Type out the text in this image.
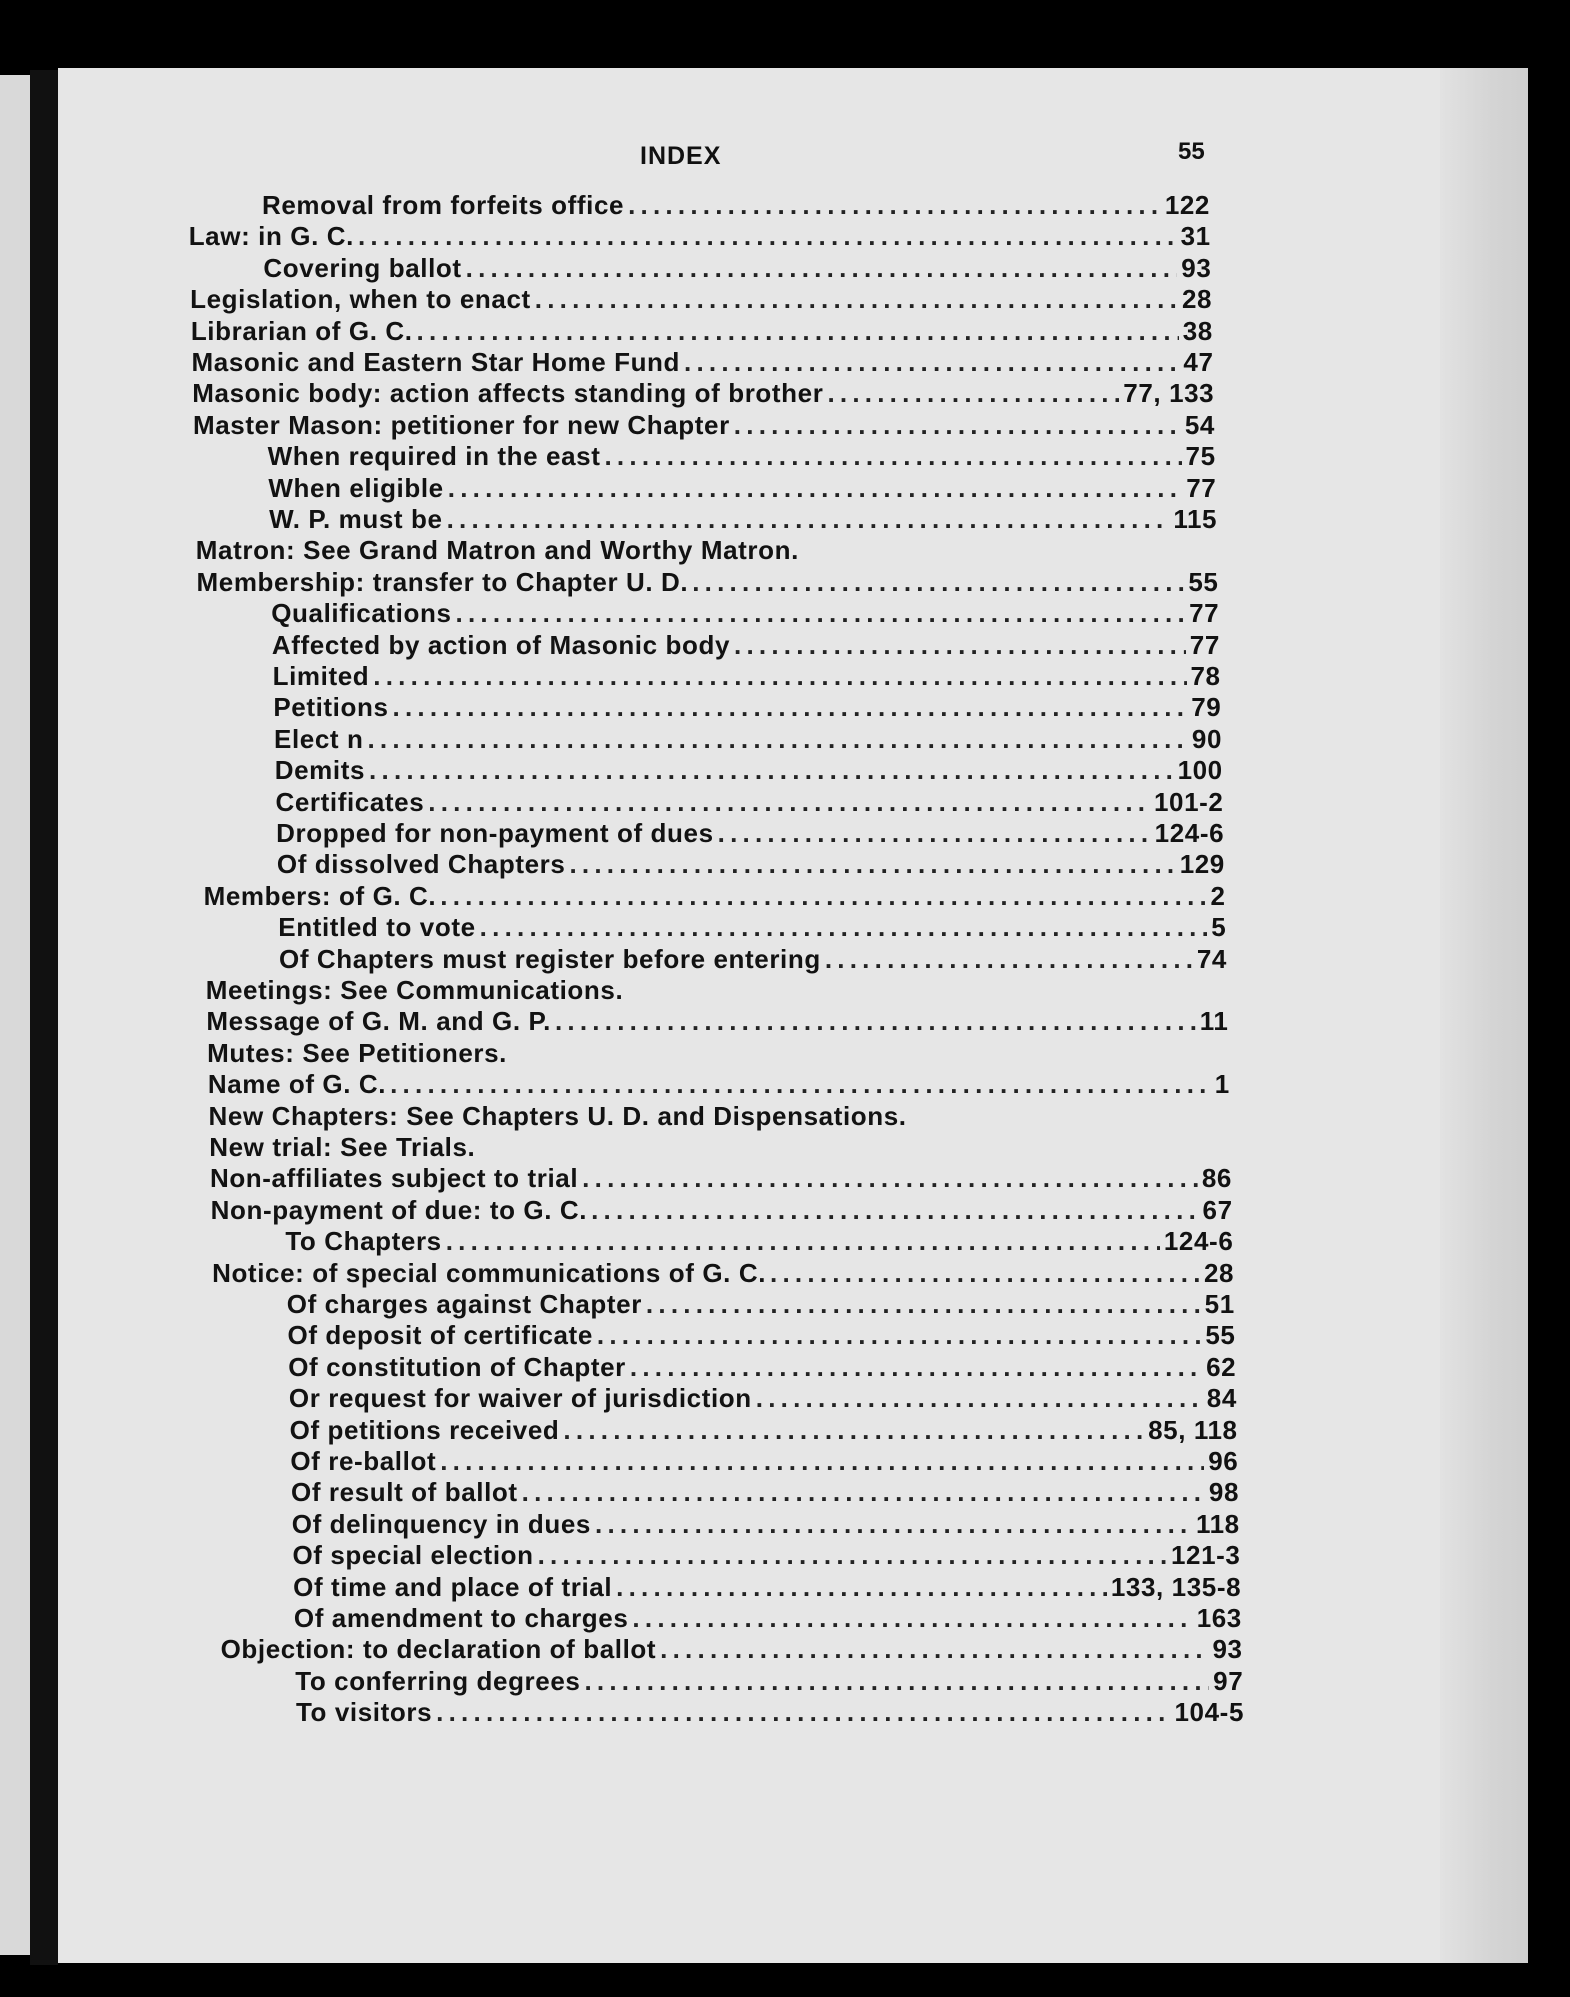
INDEX	55
Removal from forfeits office . . .	122
Law: in G. C. . . .	31
Covering ballot . . .	93
Legislation, when to enact . . .	28
Librarian of G. C. . . .	38
Masonic and Eastern Star Home Fund . . .	47
Masonic body: action affects standing of brother . . .	77, 133
Master Mason: petitioner for new Chapter . . .	54
When required in the east . . .	75
When eligible . . .	77
W. P. must be . . .	115
Matron: See Grand Matron and Worthy Matron.
Membership: transfer to Chapter U. D. . . .	55
Qualifications . . .	77
Affected by action of Masonic body . . .	77
Limited . . .	78
Petitions . . .	79
Elect n . . .	90
Demits . . .	100
Certificates . . .	101-2
Dropped for non-payment of dues . . .	124-6
Of dissolved Chapters . . .	129
Members: of G. C. . . .	2
Entitled to vote . . .	5
Of Chapters must register before entering . . .	74
Meetings: See Communications.
Message of G. M. and G. P. . . .	11
Mutes: See Petitioners.
Name of G. C. . . .	1
New Chapters: See Chapters U. D. and Dispensations.
New trial: See Trials.
Non-affiliates subject to trial . . .	86
Non-payment of due: to G. C. . . .	67
To Chapters . . .	124-6
Notice: of special communications of G. C. . . .	28
Of charges against Chapter . . .	51
Of deposit of certificate . . .	55
Of constitution of Chapter . . .	62
Or request for waiver of jurisdiction . . .	84
Of petitions received . . .	85, 118
Of re-ballot . . .	96
Of result of ballot . . .	98
Of delinquency in dues . . .	118
Of special election . . .	121-3
Of time and place of trial . . .	133, 135-8
Of amendment to charges . . .	163
Objection: to declaration of ballot . . .	93
To conferring degrees . . .	97
To visitors . . .	104-5
